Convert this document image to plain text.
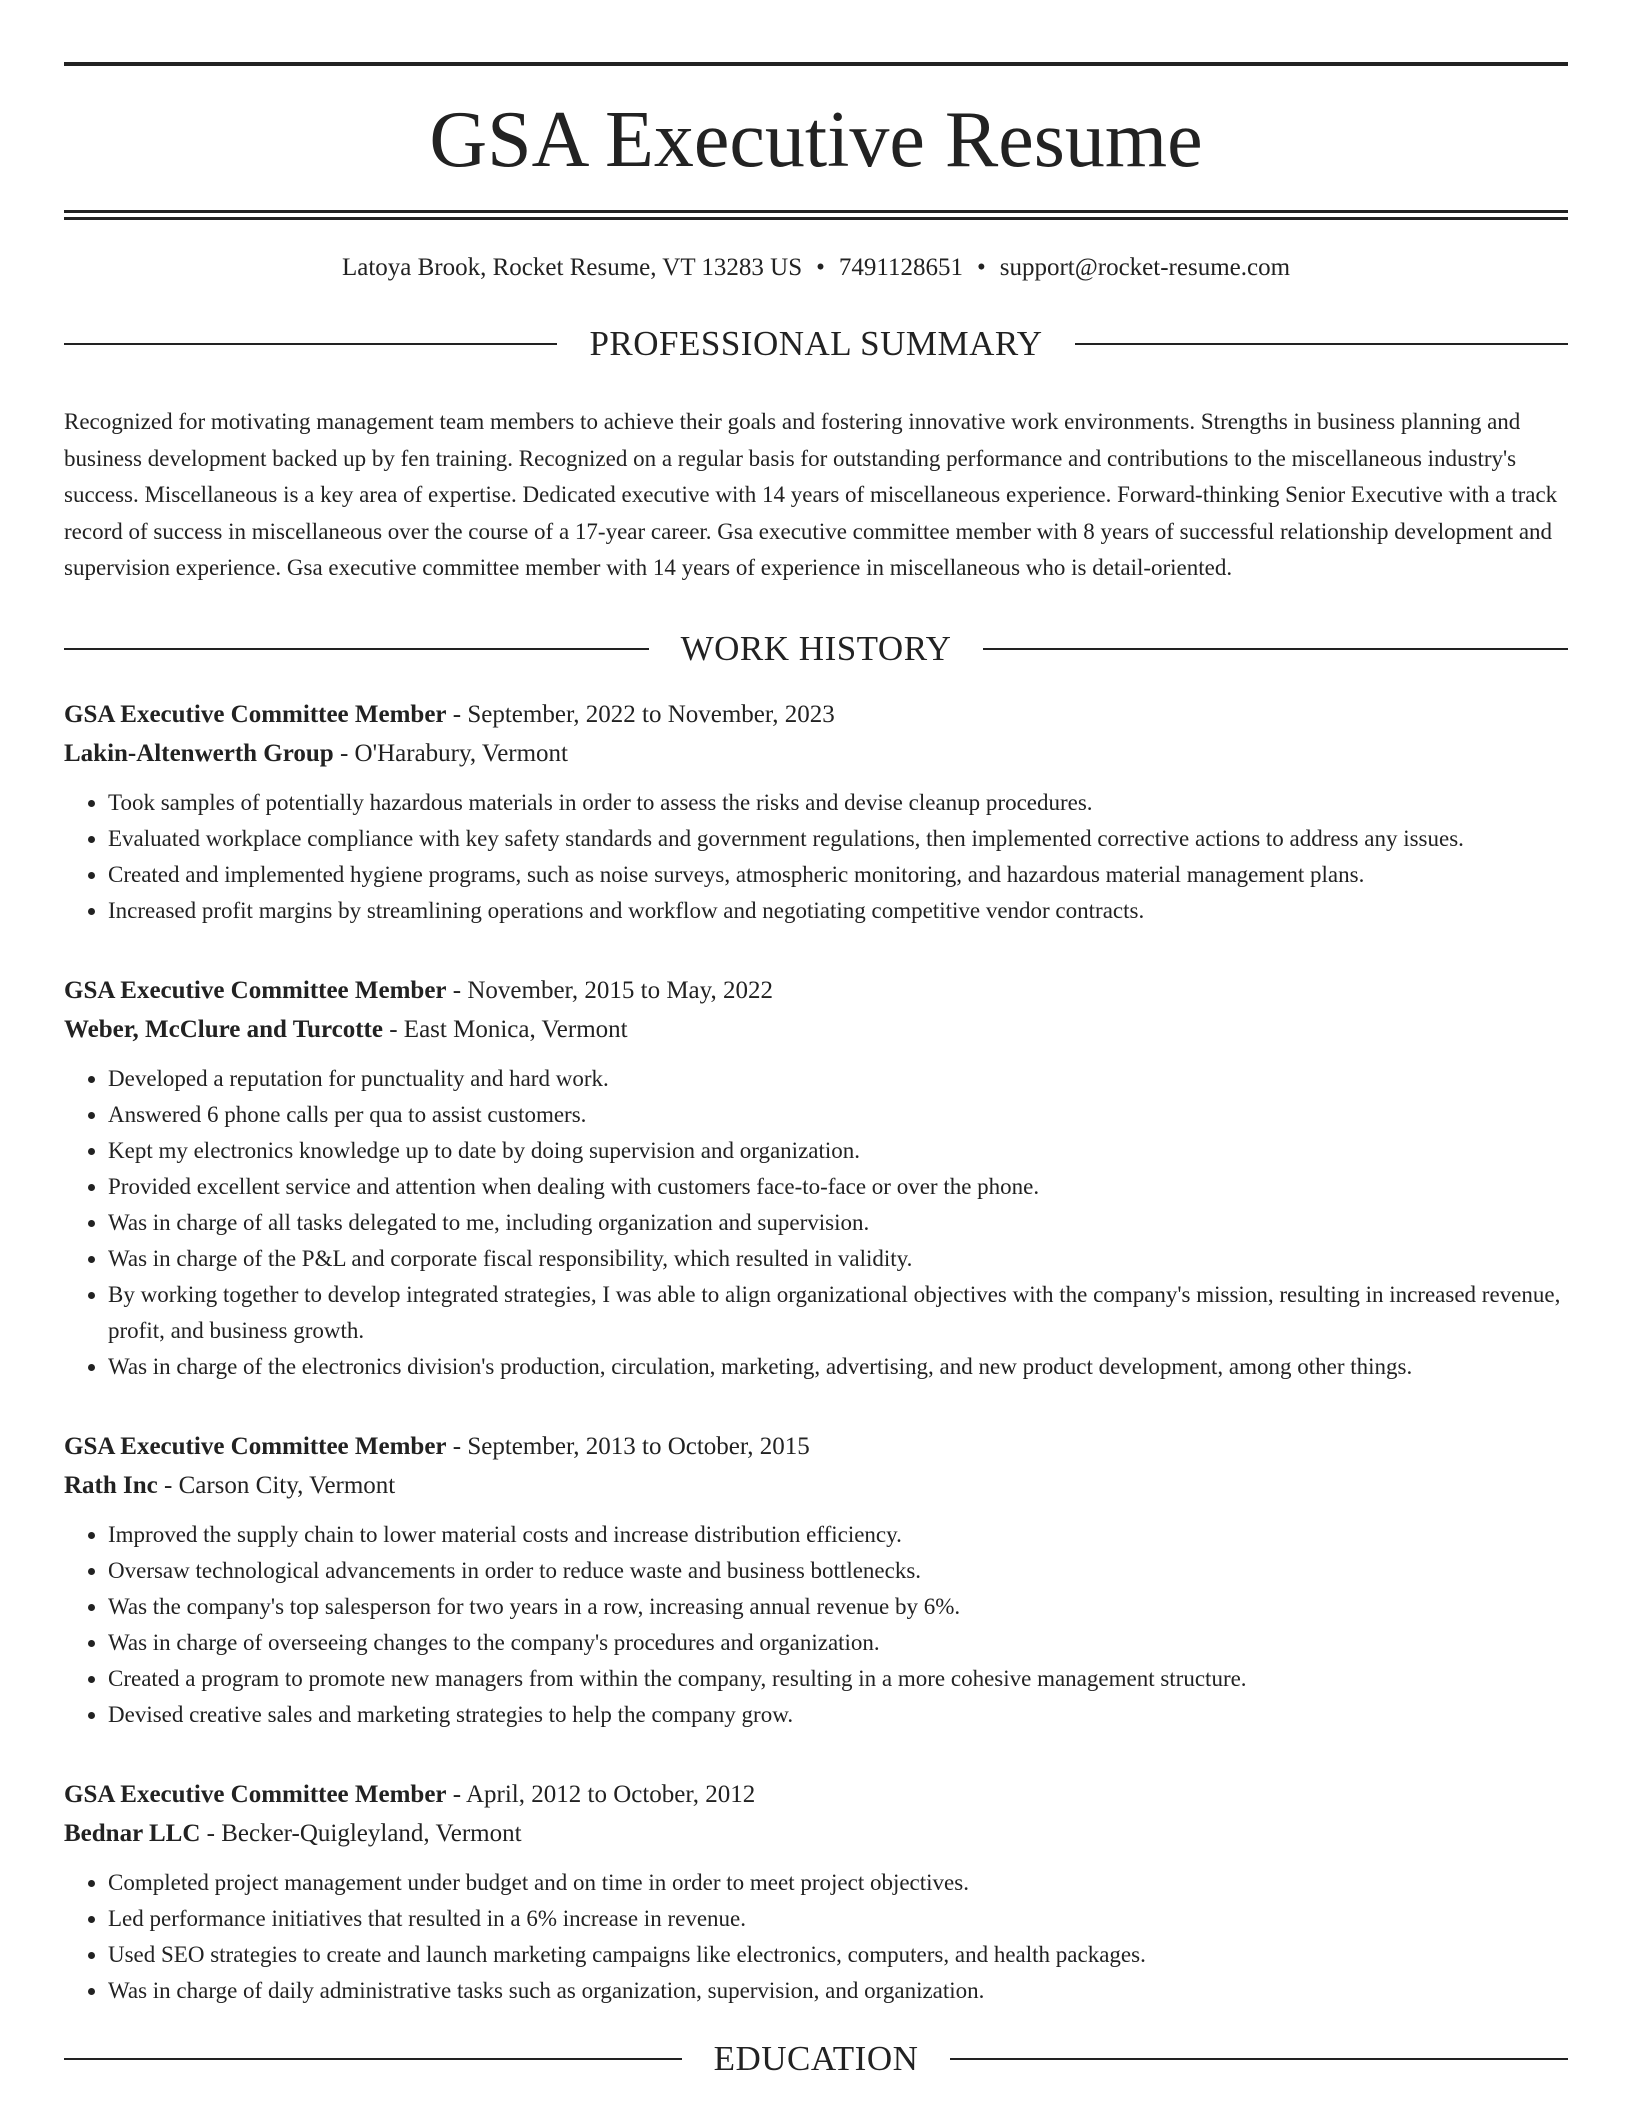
GSA Executive Resume
Latoya Brook, Rocket Resume, VT 13283 US • 7491128651 • support@rocket-resume.com
PROFESSIONAL SUMMARY
Recognized for motivating management team members to achieve their goals and fostering innovative work environments. Strengths in business planning and business development backed up by fen training. Recognized on a regular basis for outstanding performance and contributions to the miscellaneous industry's success. Miscellaneous is a key area of expertise. Dedicated executive with 14 years of miscellaneous experience. Forward-thinking Senior Executive with a track record of success in miscellaneous over the course of a 17-year career. Gsa executive committee member with 8 years of successful relationship development and supervision experience. Gsa executive committee member with 14 years of experience in miscellaneous who is detail-oriented.
WORK HISTORY
GSA Executive Committee Member - September, 2022 to November, 2023
Lakin-Altenwerth Group - O'Harabury, Vermont
• Took samples of potentially hazardous materials in order to assess the risks and devise cleanup procedures.
• Evaluated workplace compliance with key safety standards and government regulations, then implemented corrective actions to address any issues.
• Created and implemented hygiene programs, such as noise surveys, atmospheric monitoring, and hazardous material management plans.
• Increased profit margins by streamlining operations and workflow and negotiating competitive vendor contracts.
GSA Executive Committee Member - November, 2015 to May, 2022
Weber, McClure and Turcotte - East Monica, Vermont
• Developed a reputation for punctuality and hard work.
• Answered 6 phone calls per qua to assist customers.
• Kept my electronics knowledge up to date by doing supervision and organization.
• Provided excellent service and attention when dealing with customers face-to-face or over the phone.
• Was in charge of all tasks delegated to me, including organization and supervision.
• Was in charge of the P&L and corporate fiscal responsibility, which resulted in validity.
• By working together to develop integrated strategies, I was able to align organizational objectives with the company's mission, resulting in increased revenue, profit, and business growth.
• Was in charge of the electronics division's production, circulation, marketing, advertising, and new product development, among other things.
GSA Executive Committee Member - September, 2013 to October, 2015
Rath Inc - Carson City, Vermont
• Improved the supply chain to lower material costs and increase distribution efficiency.
• Oversaw technological advancements in order to reduce waste and business bottlenecks.
• Was the company's top salesperson for two years in a row, increasing annual revenue by 6%.
• Was in charge of overseeing changes to the company's procedures and organization.
• Created a program to promote new managers from within the company, resulting in a more cohesive management structure.
• Devised creative sales and marketing strategies to help the company grow.
GSA Executive Committee Member - April, 2012 to October, 2012
Bednar LLC - Becker-Quigleyland, Vermont
• Completed project management under budget and on time in order to meet project objectives.
• Led performance initiatives that resulted in a 6% increase in revenue.
• Used SEO strategies to create and launch marketing campaigns like electronics, computers, and health packages.
• Was in charge of daily administrative tasks such as organization, supervision, and organization.
EDUCATION
